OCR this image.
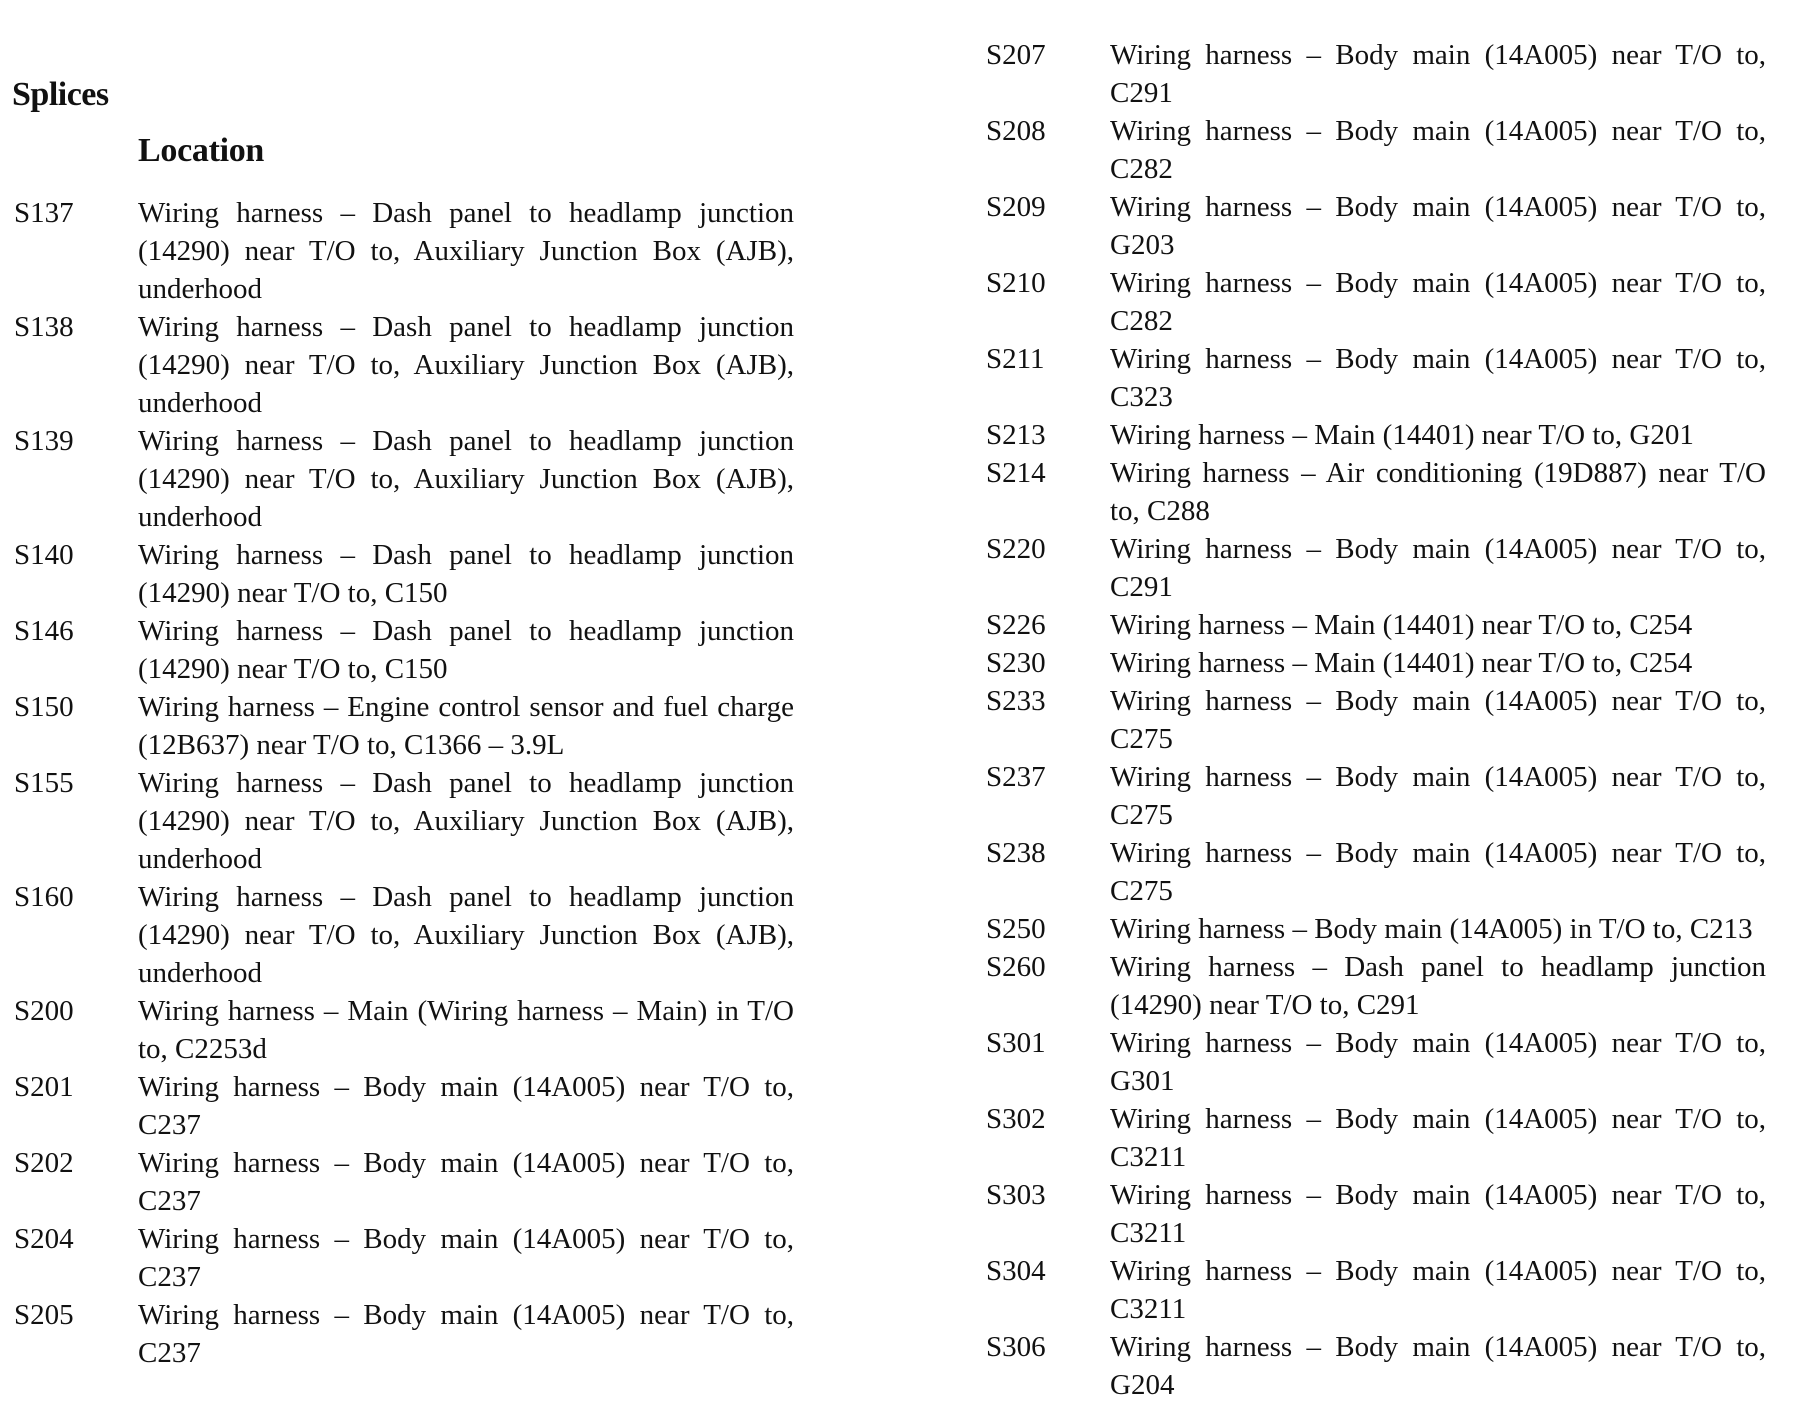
Splices
Location
S137	Wiring harness – Dash panel to headlamp junction (14290) near T/O to, Auxiliary Junction Box (AJB), underhood

S138	Wiring harness – Dash panel to headlamp junction (14290) near T/O to, Auxiliary Junction Box (AJB), underhood

S139	Wiring harness – Dash panel to headlamp junction (14290) near T/O to, Auxiliary Junction Box (AJB), underhood

S140	Wiring harness – Dash panel to headlamp junction (14290) near T/O to, C150

S146	Wiring harness – Dash panel to headlamp junction (14290) near T/O to, C150

S150	Wiring harness – Engine control sensor and fuel charge (12B637) near T/O to, C1366 – 3.9L

S155	Wiring harness – Dash panel to headlamp junction (14290) near T/O to, Auxiliary Junction Box (AJB), underhood

S160	Wiring harness – Dash panel to headlamp junction (14290) near T/O to, Auxiliary Junction Box (AJB), underhood

S200	Wiring harness – Main (Wiring harness – Main) in T/O to, C2253d

S201	Wiring harness – Body main (14A005) near T/O to, C237

S202	Wiring harness – Body main (14A005) near T/O to, C237

S204	Wiring harness – Body main (14A005) near T/O to, C237

S205	Wiring harness – Body main (14A005) near T/O to, C237

S207	Wiring harness – Body main (14A005) near T/O to, C291

S208	Wiring harness – Body main (14A005) near T/O to, C282

S209	Wiring harness – Body main (14A005) near T/O to, G203

S210	Wiring harness – Body main (14A005) near T/O to, C282

S211	Wiring harness – Body main (14A005) near T/O to, C323

S213	Wiring harness – Main (14401) near T/O to, G201

S214	Wiring harness – Air conditioning (19D887) near T/O to, C288

S220	Wiring harness – Body main (14A005) near T/O to, C291

S226	Wiring harness – Main (14401) near T/O to, C254

S230	Wiring harness – Main (14401) near T/O to, C254

S233	Wiring harness – Body main (14A005) near T/O to, C275

S237	Wiring harness – Body main (14A005) near T/O to, C275

S238	Wiring harness – Body main (14A005) near T/O to, C275

S250	Wiring harness – Body main (14A005) in T/O to, C213

S260	Wiring harness – Dash panel to headlamp junction (14290) near T/O to, C291

S301	Wiring harness – Body main (14A005) near T/O to, G301

S302	Wiring harness – Body main (14A005) near T/O to, C3211

S303	Wiring harness – Body main (14A005) near T/O to, C3211

S304	Wiring harness – Body main (14A005) near T/O to, C3211

S306	Wiring harness – Body main (14A005) near T/O to, G204
